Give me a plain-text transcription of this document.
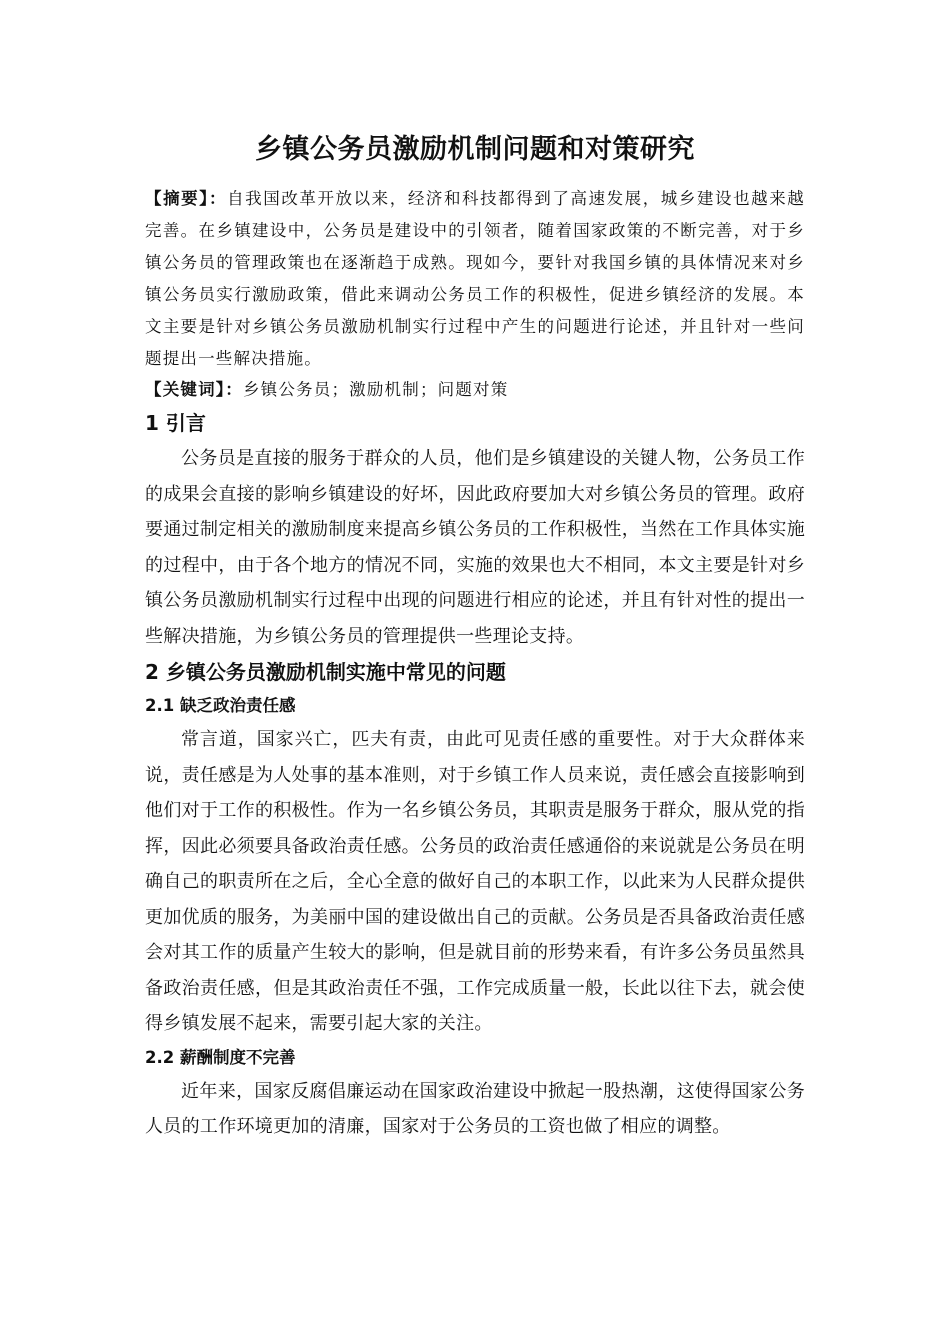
乡镇公务员激励机制问题和对策研究

【摘要】：自我国改革开放以来，经济和科技都得到了高速发展，城乡建设也越来越完善。在乡镇建设中，公务员是建设中的引领者，随着国家政策的不断完善，对于乡镇公务员的管理政策也在逐渐趋于成熟。现如今，要针对我国乡镇的具体情况来对乡镇公务员实行激励政策，借此来调动公务员工作的积极性，促进乡镇经济的发展。本文主要是针对乡镇公务员激励机制实行过程中产生的问题进行论述，并且针对一些问题提出一些解决措施。

【关键词】：乡镇公务员；激励机制；问题对策

1 引言

公务员是直接的服务于群众的人员，他们是乡镇建设的关键人物，公务员工作的成果会直接的影响乡镇建设的好坏，因此政府要加大对乡镇公务员的管理。政府要通过制定相关的激励制度来提高乡镇公务员的工作积极性，当然在工作具体实施的过程中，由于各个地方的情况不同，实施的效果也大不相同，本文主要是针对乡镇公务员激励机制实行过程中出现的问题进行相应的论述，并且有针对性的提出一些解决措施，为乡镇公务员的管理提供一些理论支持。

2 乡镇公务员激励机制实施中常见的问题
2.1 缺乏政治责任感

常言道，国家兴亡，匹夫有责，由此可见责任感的重要性。对于大众群体来说，责任感是为人处事的基本准则，对于乡镇工作人员来说，责任感会直接影响到他们对于工作的积极性。作为一名乡镇公务员，其职责是服务于群众，服从党的指挥，因此必须要具备政治责任感。公务员的政治责任感通俗的来说就是公务员在明确自己的职责所在之后，全心全意的做好自己的本职工作，以此来为人民群众提供更加优质的服务，为美丽中国的建设做出自己的贡献。公务员是否具备政治责任感会对其工作的质量产生较大的影响，但是就目前的形势来看，有许多公务员虽然具备政治责任感，但是其政治责任不强，工作完成质量一般，长此以往下去，就会使得乡镇发展不起来，需要引起大家的关注。

2.2 薪酬制度不完善

近年来，国家反腐倡廉运动在国家政治建设中掀起一股热潮，这使得国家公务人员的工作环境更加的清廉，国家对于公务员的工资也做了相应的调整。
